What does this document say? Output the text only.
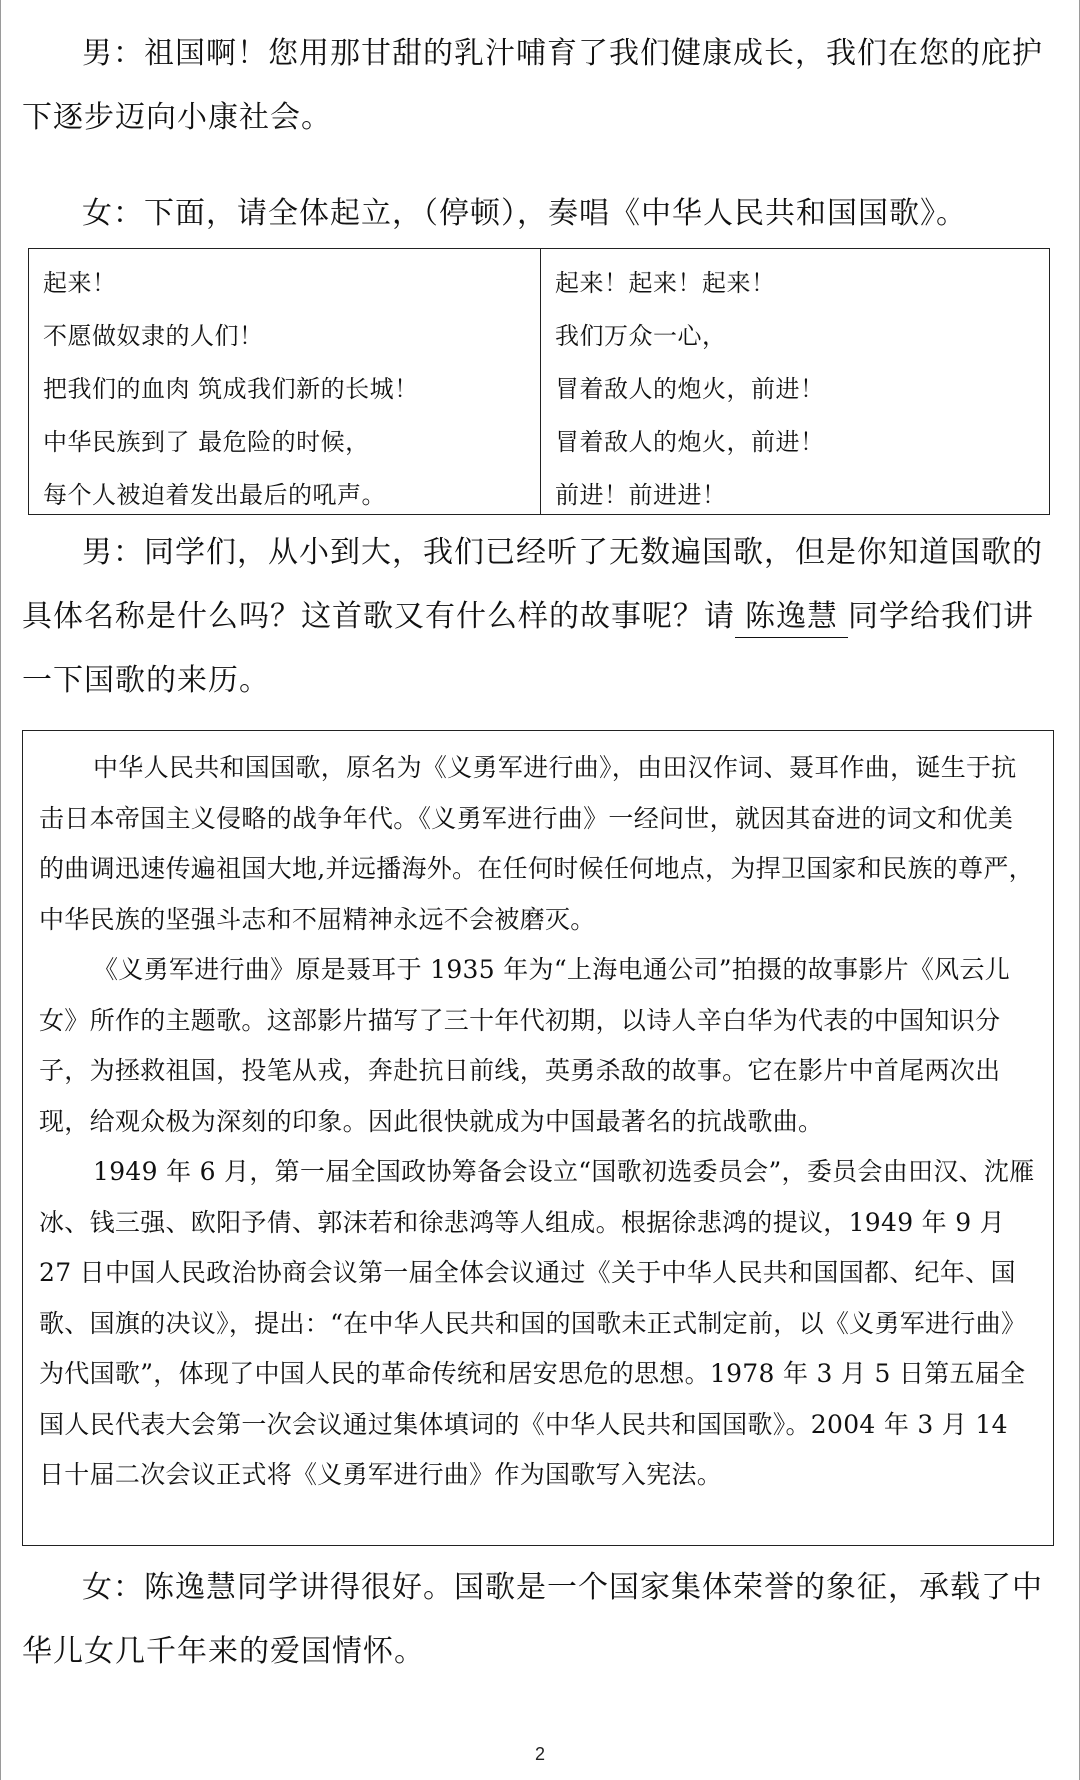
男：祖国啊！您用那甘甜的乳汁哺育了我们健康成长，我们在您的庇护下逐步迈向小康社会。

女：下面，请全体起立，（停顿），奏唱《中华人民共和国国歌》。

起来！
不愿做奴隶的人们！
把我们的血肉 筑成我们新的长城！
中华民族到了 最危险的时候，
每个人被迫着发出最后的吼声。
起来！起来！起来！
我们万众一心，
冒着敌人的炮火，前进！
冒着敌人的炮火，前进！
前进！前进进！

男：同学们，从小到大，我们已经听了无数遍国歌，但是你知道国歌的具体名称是什么吗？这首歌又有什么样的故事呢？请 陈逸慧 同学给我们讲一下国歌的来历。

中华人民共和国国歌，原名为《义勇军进行曲》，由田汉作词、聂耳作曲，诞生于抗击日本帝国主义侵略的战争年代。《义勇军进行曲》一经问世，就因其奋进的词文和优美的曲调迅速传遍祖国大地,并远播海外。在任何时候任何地点，为捍卫国家和民族的尊严，中华民族的坚强斗志和不屈精神永远不会被磨灭。

《义勇军进行曲》原是聂耳于 1935 年为“上海电通公司”拍摄的故事影片《风云儿女》所作的主题歌。这部影片描写了三十年代初期，以诗人辛白华为代表的中国知识分子，为拯救祖国，投笔从戎，奔赴抗日前线，英勇杀敌的故事。它在影片中首尾两次出现，给观众极为深刻的印象。因此很快就成为中国最著名的抗战歌曲。

1949 年 6 月，第一届全国政协筹备会设立“国歌初选委员会”，委员会由田汉、沈雁冰、钱三强、欧阳予倩、郭沫若和徐悲鸿等人组成。根据徐悲鸿的提议，1949 年 9 月 27 日中国人民政治协商会议第一届全体会议通过《关于中华人民共和国国都、纪年、国歌、国旗的决议》，提出：“在中华人民共和国的国歌未正式制定前，以《义勇军进行曲》为代国歌”，体现了中国人民的革命传统和居安思危的思想。1978 年 3 月 5 日第五届全国人民代表大会第一次会议通过集体填词的《中华人民共和国国歌》。2004 年 3 月 14 日十届二次会议正式将《义勇军进行曲》作为国歌写入宪法。

女：陈逸慧同学讲得很好。国歌是一个国家集体荣誉的象征，承载了中华儿女几千年来的爱国情怀。

2
